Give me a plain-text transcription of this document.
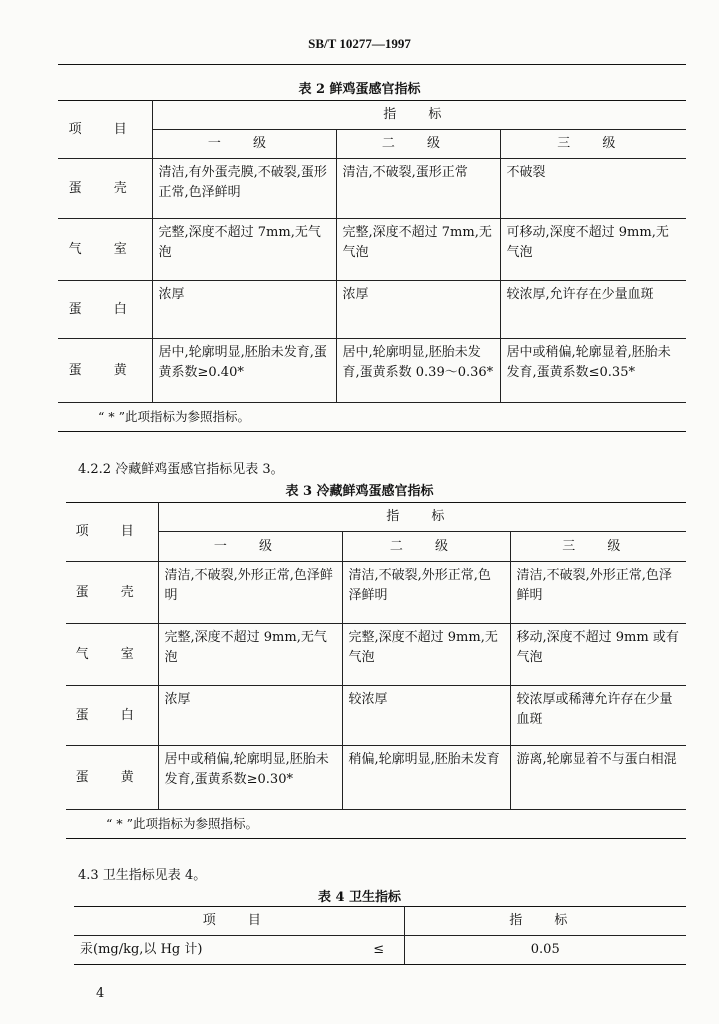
SB/T 10277—1997
表 2 鲜鸡蛋感官指标
项 目	指 标		
	一 级	二 级	三 级
蛋 壳	清洁,有外蛋壳膜,不破裂,蛋形正常,色泽鲜明	清洁,不破裂,蛋形正常	不破裂
气 室	完整,深度不超过 7mm,无气泡	完整,深度不超过 7mm,无气泡	可移动,深度不超过 9mm,无气泡
蛋 白	浓厚	浓厚	较浓厚,允许存在少量血斑
蛋 黄	居中,轮廓明显,胚胎未发育,蛋黄系数≥0.40*	居中,轮廓明显,胚胎未发育,蛋黄系数 0.39～0.36*	居中或稍偏,轮廓显着,胚胎未发育,蛋黄系数≤0.35*
“ * ”此项指标为参照指标。			
4.2.2 冷藏鲜鸡蛋感官指标见表 3。
表 3 冷藏鲜鸡蛋感官指标
项 目	指 标		
	一 级	二 级	三 级
蛋 壳	清洁,不破裂,外形正常,色泽鲜明	清洁,不破裂,外形正常,色泽鲜明	清洁,不破裂,外形正常,色泽鲜明
气 室	完整,深度不超过 9mm,无气泡	完整,深度不超过 9mm,无气泡	移动,深度不超过 9mm 或有气泡
蛋 白	浓厚	较浓厚	较浓厚或稀薄允许存在少量血斑
蛋 黄	居中或稍偏,轮廓明显,胚胎未发育,蛋黄系数≥0.30*	稍偏,轮廓明显,胚胎未发育	游离,轮廓显着不与蛋白相混
“ * ”此项指标为参照指标。			
4.3 卫生指标见表 4。
表 4 卫生指标
项 目		指 标
汞(mg/kg,以 Hg 计)	≤	0.05
4
